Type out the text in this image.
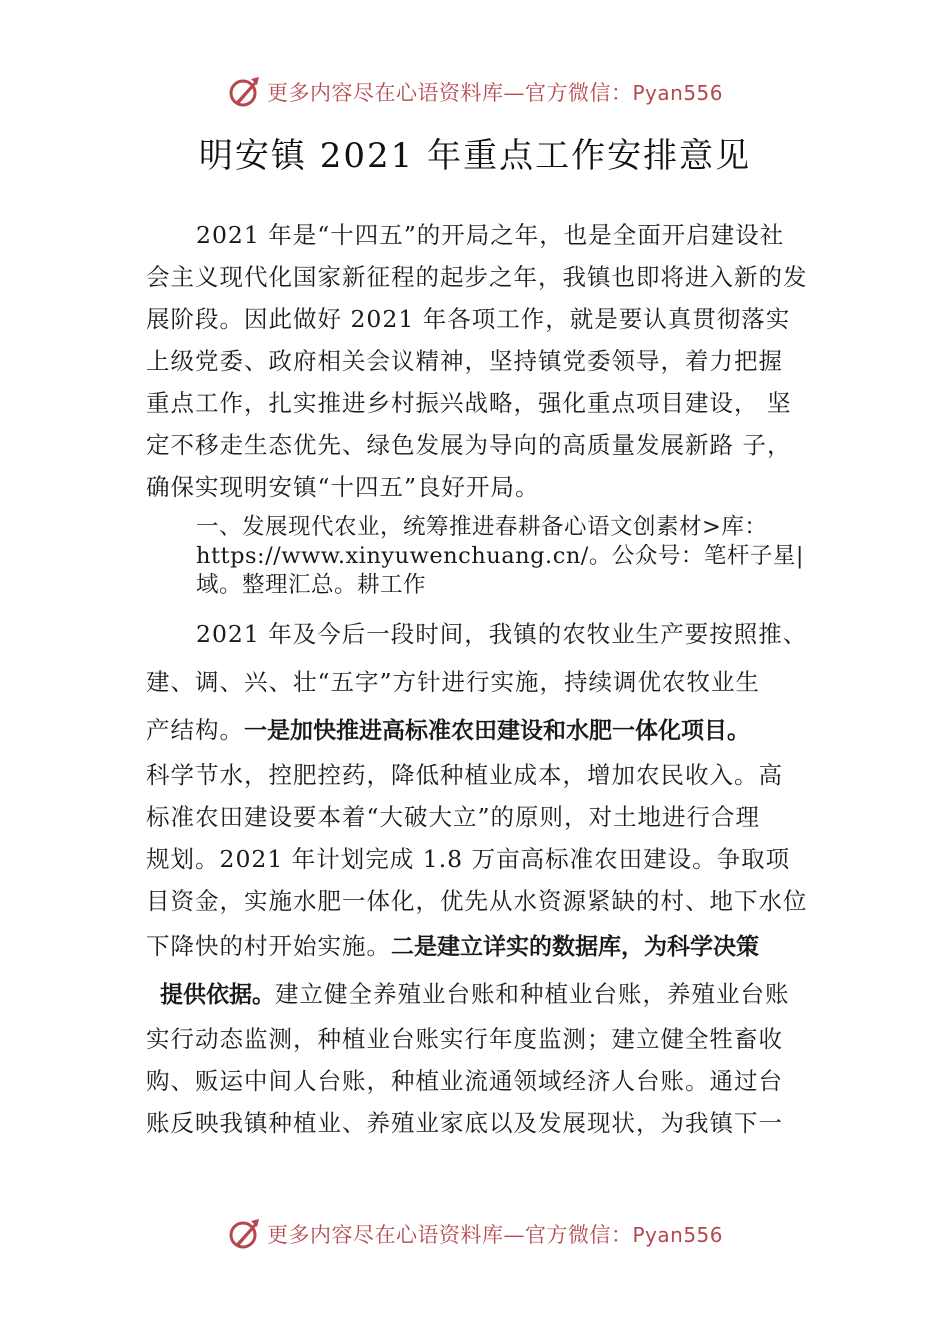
更多内容尽在心语资料库—官方微信：Pyan556
明安镇 2021 年重点工作安排意见
2021 年是“十四五”的开局之年，也是全面开启建设社
会主义现代化国家新征程的起步之年，我镇也即将进入新的发
展阶段。因此做好 2021 年各项工作，就是要认真贯彻落实
上级党委、政府相关会议精神，坚持镇党委领导，着力把握
重点工作，扎实推进乡村振兴战略，强化重点项目建设， 坚
定不移走生态优先、绿色发展为导向的高质量发展新路 子，
确保实现明安镇“十四五”良好开局。
一、发展现代农业，统筹推进春耕备心语文创素材>库：
https://www.xinyuwenchuang.cn/。公众号：笔杆子星|
域。整理汇总。耕工作
2021 年及今后一段时间，我镇的农牧业生产要按照推、
建、调、兴、壮“五字”方针进行实施，持续调优农牧业生
产结构。一是加快推进高标准农田建设和水肥一体化项目。
科学节水，控肥控药，降低种植业成本，增加农民收入。高
标准农田建设要本着“大破大立”的原则，对土地进行合理
规划。2021 年计划完成 1.8 万亩高标准农田建设。争取项
目资金，实施水肥一体化，优先从水资源紧缺的村、地下水位
下降快的村开始实施。二是建立详实的数据库，为科学决策
提供依据。建立健全养殖业台账和种植业台账，养殖业台账
实行动态监测，种植业台账实行年度监测；建立健全牲畜收
购、贩运中间人台账，种植业流通领域经济人台账。通过台
账反映我镇种植业、养殖业家底以及发展现状，为我镇下一
更多内容尽在心语资料库—官方微信：Pyan556
